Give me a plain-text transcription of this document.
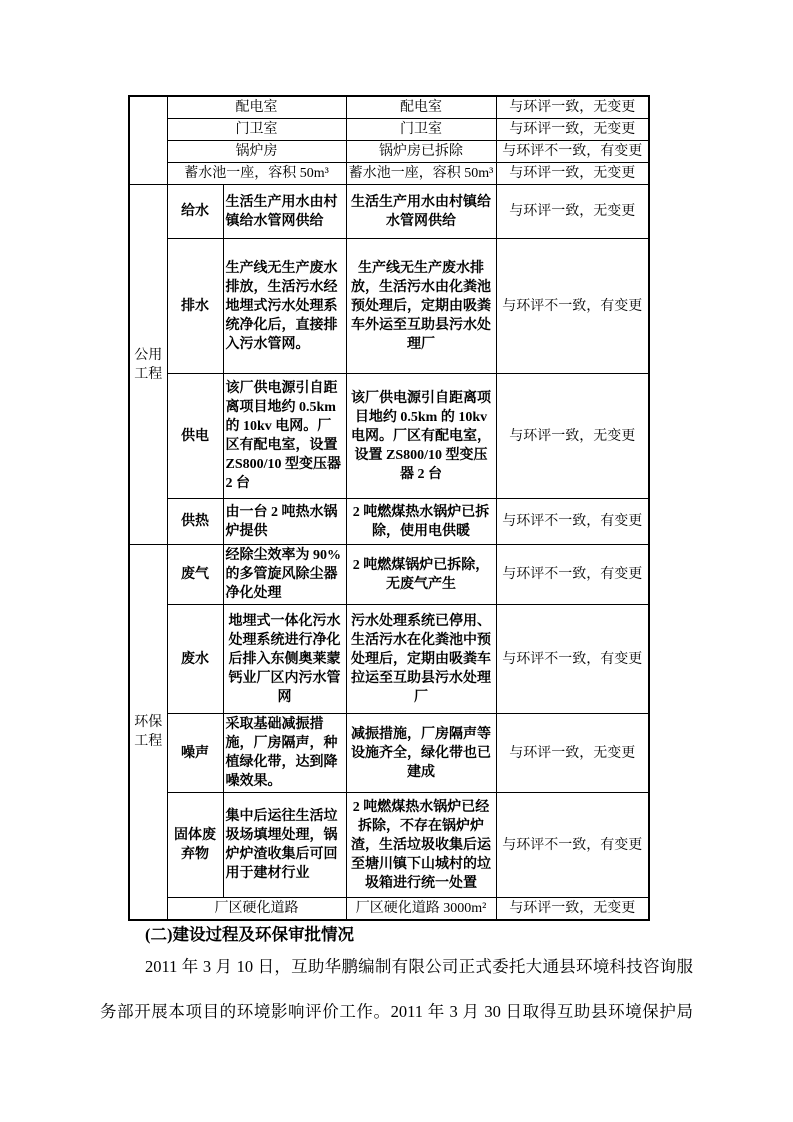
	配电室		配电室	与环评一致，无变更
	门卫室		门卫室	与环评一致，无变更
	锅炉房		锅炉房已拆除	与环评不一致，有变更
	蓄水池一座，容积 50m³		蓄水池一座，容积 50m³	与环评一致，无变更
公用工程	给水	生活生产用水由村镇给水管网供给	生活生产用水由村镇给水管网供给	与环评一致，无变更
	排水	生产线无生产废水排放，生活污水经地埋式污水处理系统净化后，直接排入污水管网。	生产线无生产废水排放，生活污水由化粪池预处理后，定期由吸粪车外运至互助县污水处理厂	与环评不一致，有变更
	供电	该厂供电源引自距离项目地约 0.5km 的 10kv 电网。厂区有配电室，设置 ZS800/10 型变压器 2 台	该厂供电源引自距离项目地约 0.5km 的 10kv 电网。厂区有配电室，设置 ZS800/10 型变压器 2 台	与环评一致，无变更
	供热	由一台 2 吨热水锅炉提供	2 吨燃煤热水锅炉已拆除，使用电供暖	与环评不一致，有变更
环保工程	废气	经除尘效率为 90%的多管旋风除尘器净化处理	2 吨燃煤锅炉已拆除，无废气产生	与环评不一致，有变更
	废水	地埋式一体化污水处理系统进行净化后排入东侧奥莱蒙钙业厂区内污水管网	污水处理系统已停用、生活污水在化粪池中预处理后，定期由吸粪车拉运至互助县污水处理厂	与环评不一致，有变更
	噪声	采取基础减振措施，厂房隔声，种植绿化带，达到降噪效果。	减振措施，厂房隔声等设施齐全，绿化带也已建成	与环评一致，无变更
	固体废弃物	集中后运往生活垃圾场填埋处理，锅炉炉渣收集后可回用于建材行业	2 吨燃煤热水锅炉已经拆除，不存在锅炉炉渣，生活垃圾收集后运至塘川镇下山城村的垃圾箱进行统一处置	与环评不一致，有变更
	厂区硬化道路		厂区硬化道路 3000m²	与环评一致，无变更
(二)建设过程及环保审批情况
2011 年 3 月 10 日，互助华鹏编制有限公司正式委托大通县环境科技咨询服
务部开展本项目的环境影响评价工作。2011 年 3 月 30 日取得互助县环境保护局
